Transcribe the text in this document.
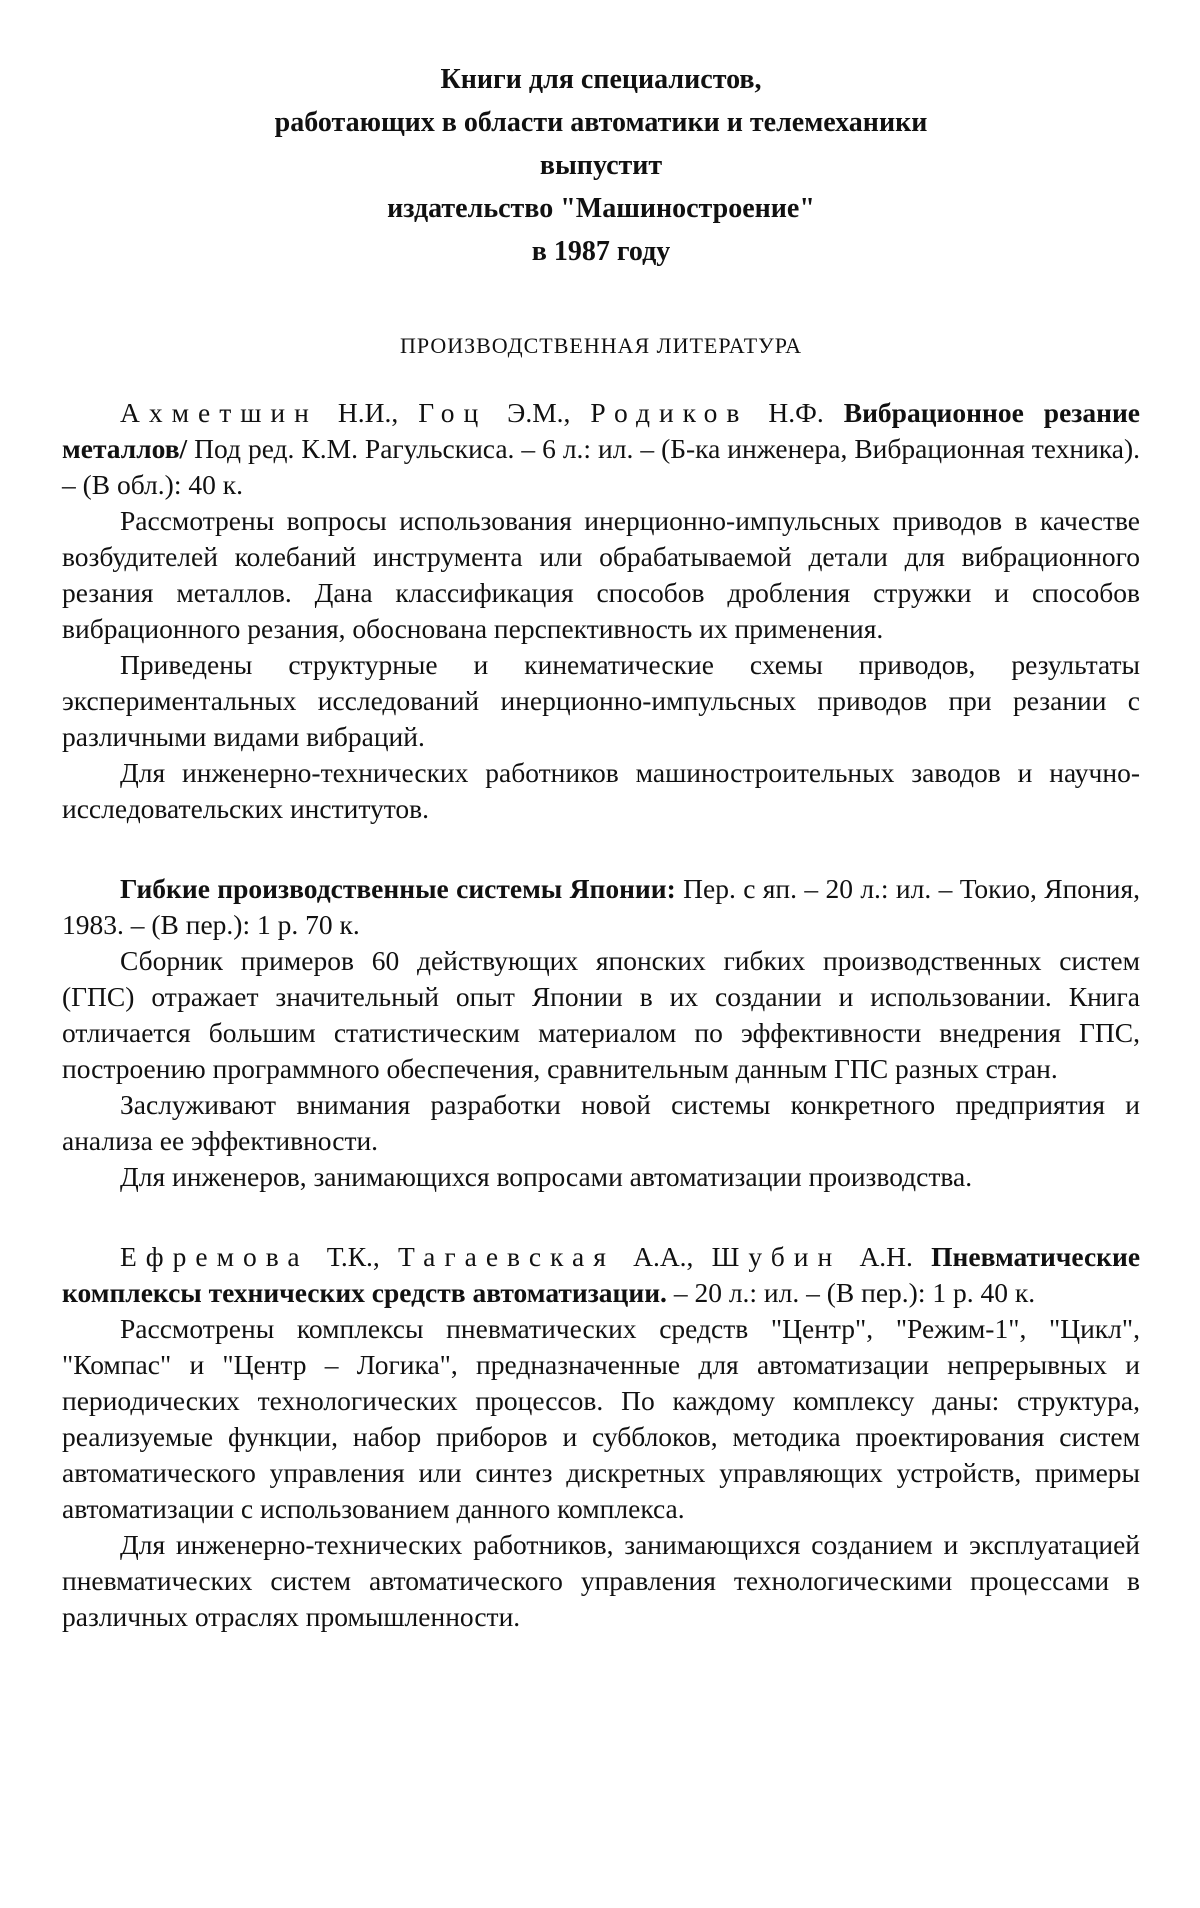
Книги для специалистов,
работающих в области автоматики и телемеханики
выпустит
издательство "Машиностроение"
в 1987 году
ПРОИЗВОДСТВЕННАЯ ЛИТЕРАТУРА

Ахметшин Н.И., Гоц Э.М., Родиков Н.Ф. Вибрационное резание металлов/ Под ред. К.М. Рагульскиса. – 6 л.: ил. – (Б-ка инженера, Вибрационная техника). – (В обл.): 40 к.

Рассмотрены вопросы использования инерционно-импульсных приводов в качестве возбудителей колебаний инструмента или обрабатываемой детали для вибрационного резания металлов. Дана классификация способов дробления стружки и способов вибрационного резания, обоснована перспективность их применения.

Приведены структурные и кинематические схемы приводов, результаты экспериментальных исследований инерционно-импульсных приводов при резании с различными видами вибраций.

Для инженерно-технических работников машиностроительных заводов и научно-исследовательских институтов.

Гибкие производственные системы Японии: Пер. с яп. – 20 л.: ил. – Токио, Япония, 1983. – (В пер.): 1 р. 70 к.

Сборник примеров 60 действующих японских гибких производственных систем (ГПС) отражает значительный опыт Японии в их создании и использовании. Книга отличается большим статистическим материалом по эффективности внедрения ГПС, построению программного обеспечения, сравнительным данным ГПС разных стран.

Заслуживают внимания разработки новой системы конкретного предприятия и анализа ее эффективности.

Для инженеров, занимающихся вопросами автоматизации производства.

Ефремова Т.К., Тагаевская А.А., Шубин А.Н. Пневматические комплексы технических средств автоматизации. – 20 л.: ил. – (В пер.): 1 р. 40 к.

Рассмотрены комплексы пневматических средств "Центр", "Режим-1", "Цикл", "Компас" и "Центр – Логика", предназначенные для автоматизации непрерывных и периодических технологических процессов. По каждому комплексу даны: структура, реализуемые функции, набор приборов и субблоков, методика проектирования систем автоматического управления или синтез дискретных управляющих устройств, примеры автоматизации с использованием данного комплекса.

Для инженерно-технических работников, занимающихся созданием и эксплуатацией пневматических систем автоматического управления технологическими процессами в различных отраслях промышленности.
